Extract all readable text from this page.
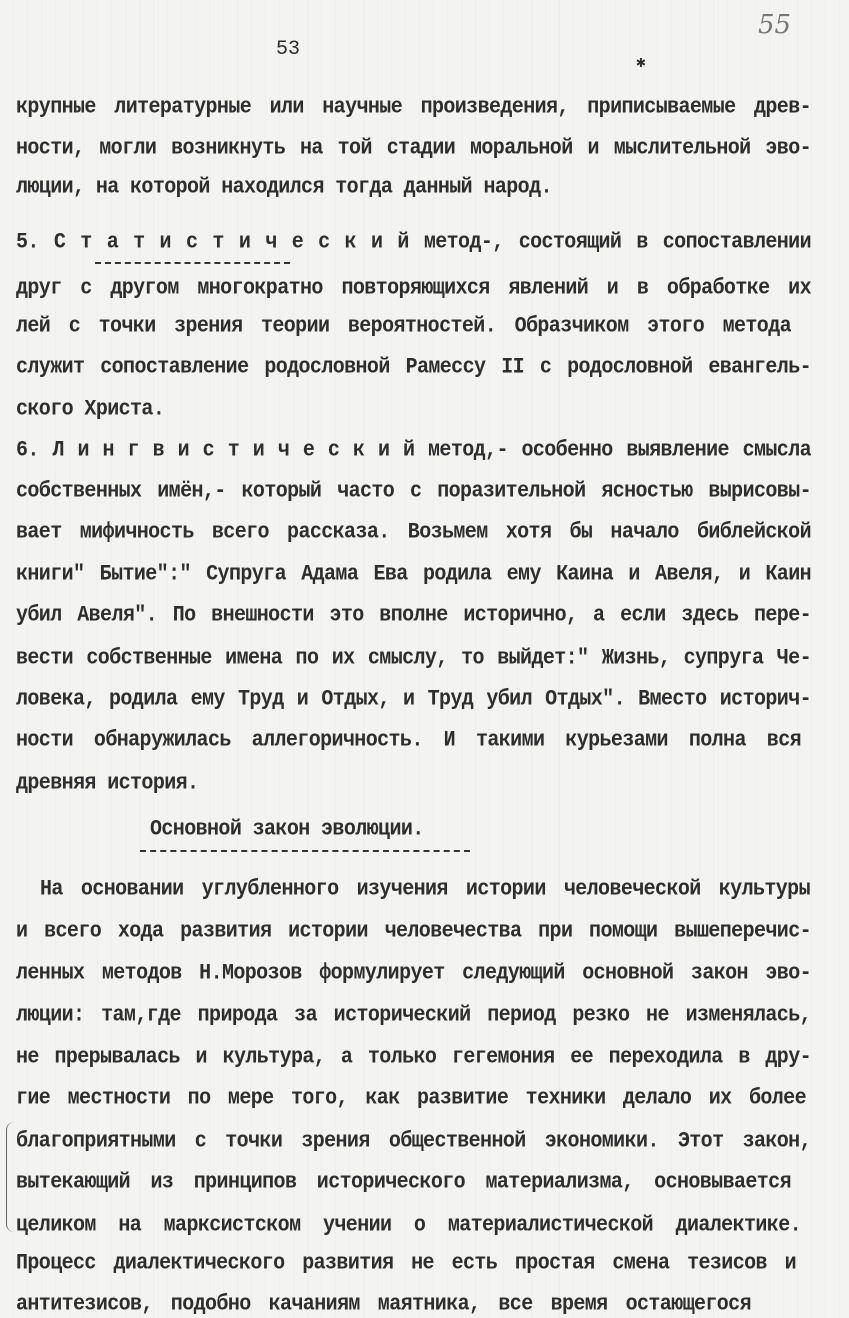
53
55
✱
Основной закон эволюции.
крупные литературные или научные произведения, приписываемые древ-
ности, могли возникнуть на той стадии моральной и мыслительной эво-
люции, на которой находился тогда данный народ.
5. С т а т и с т и ч е с к и й метод-, состоящий в сопоставлении
друг с другом многократно повторяющихся явлений и в обработке их
лей с точки зрения теории вероятностей. Образчиком этого метода
служит сопоставление родословной Рамессу II с родословной евангель-
ского Христа.
6. Л и н г в и с т и ч е с к и й метод,- особенно выявление смысла
собственных имён,- который часто с поразительной ясностью вырисовы-
вает мифичность всего рассказа. Возьмем хотя бы начало библейской
книги" Бытие":" Супруга Адама Ева родила ему Каина и Авеля, и Каин
убил Авеля". По внешности это вполне исторично, а если здесь пере-
вести собственные имена по их смыслу, то выйдет:" Жизнь, супруга Че-
ловека, родила ему Труд и Отдых, и Труд убил Отдых". Вместо историч-
ности обнаружилась аллегоричность. И такими курьезами полна вся
древняя история.
На основании углубленного изучения истории человеческой культуры
и всего хода развития истории человечества при помощи вышеперечис-
ленных методов Н.Морозов формулирует следующий основной закон эво-
люции: там,где природа за исторический период резко не изменялась,
не прерывалась и культура, а только гегемония ее переходила в дру-
гие местности по мере того, как развитие техники делало их более
благоприятными с точки зрения общественной экономики. Этот закон,
вытекающий из принципов исторического материализма, основывается
целиком на марксистском учении о материалистической диалектике.
Процесс диалектического развития не есть простая смена тезисов и
антитезисов, подобно качаниям маятника, все время остающегося
